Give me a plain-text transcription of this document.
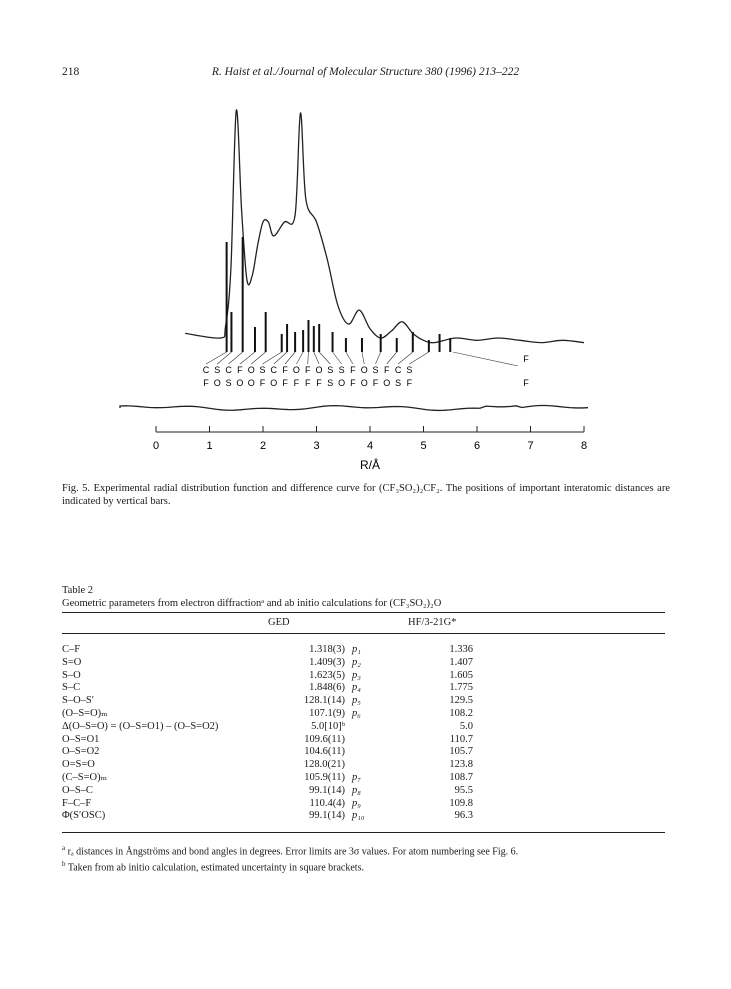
218	R. Haist et al./Journal of Molecular Structure 380 (1996) 213–222
C
F
S
O
C
S
F
O
O
O
S
F
C
O
F
F
O
F
F
F
O
F
S
S
S
O
F
F
O
O
S
F
F
O
C
S
S
F
F
F
0	1	2	3	4	5	6	7	8
R/Å
Fig. 5. Experimental radial distribution function and difference curve for (CF₃SO₂)₂CF₂. The positions of important interatomic distances are indicated by vertical bars.
Table 2
Geometric parameters from electron diffractionᵃ and ab initio calculations for (CF₃SO₂)₂O
GED	HF/3-21G*
C–F	1.318(3) p₁	1.336
S=O	1.409(3) p₂	1.407
S–O	1.623(5) p₃	1.605
S–C	1.848(6) p₄	1.775
S–O–S′	128.1(14) p₅	129.5
(O–S=O)ₘ	107.1(9) p₆	108.2
Δ(O–S=O) = (O–S=O1) – (O–S=O2)	5.0[10]ᵇ	5.0
O–S=O1	109.6(11)	110.7
O–S=O2	104.6(11)	105.7
O=S=O	128.0(21)	123.8
(C–S=O)ₘ	105.9(11) p₇	108.7
O–S–C	99.1(14) p₈	95.5
F–C–F	110.4(4) p₉	109.8
Φ(S′OSC)	99.1(14) p₁₀	96.3
$^a$ rₐ distances in Ångströms and bond angles in degrees. Error limits are 3σ values. For atom numbering see Fig. 6.
$^b$ Taken from ab initio calculation, estimated uncertainty in square brackets.
